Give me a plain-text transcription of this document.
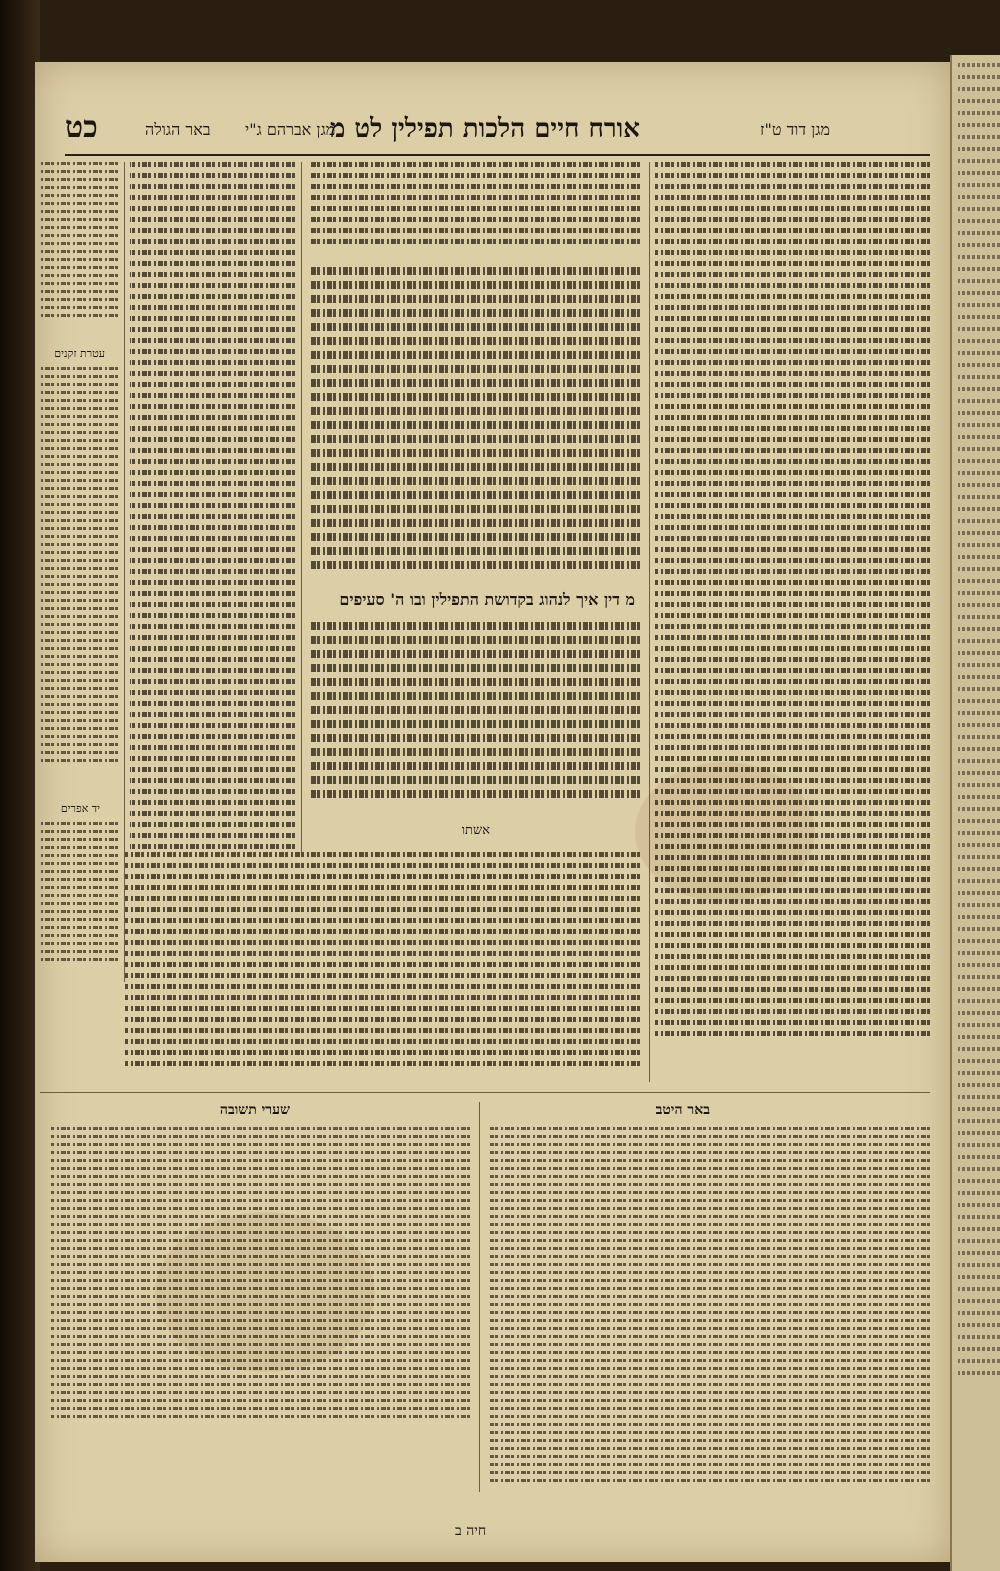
אורח חיים הלכות תפילין לט מ	מגן דוד ט"ז
מגן אברהם ג"י
באר הגולה
כט
מ דין איך לנהוג בקדושת התפילין ובו ה' סעיפים
אשתו
עטרת זקנים
יד אפרים
באר היטב
שערי תשובה
חיה ב
